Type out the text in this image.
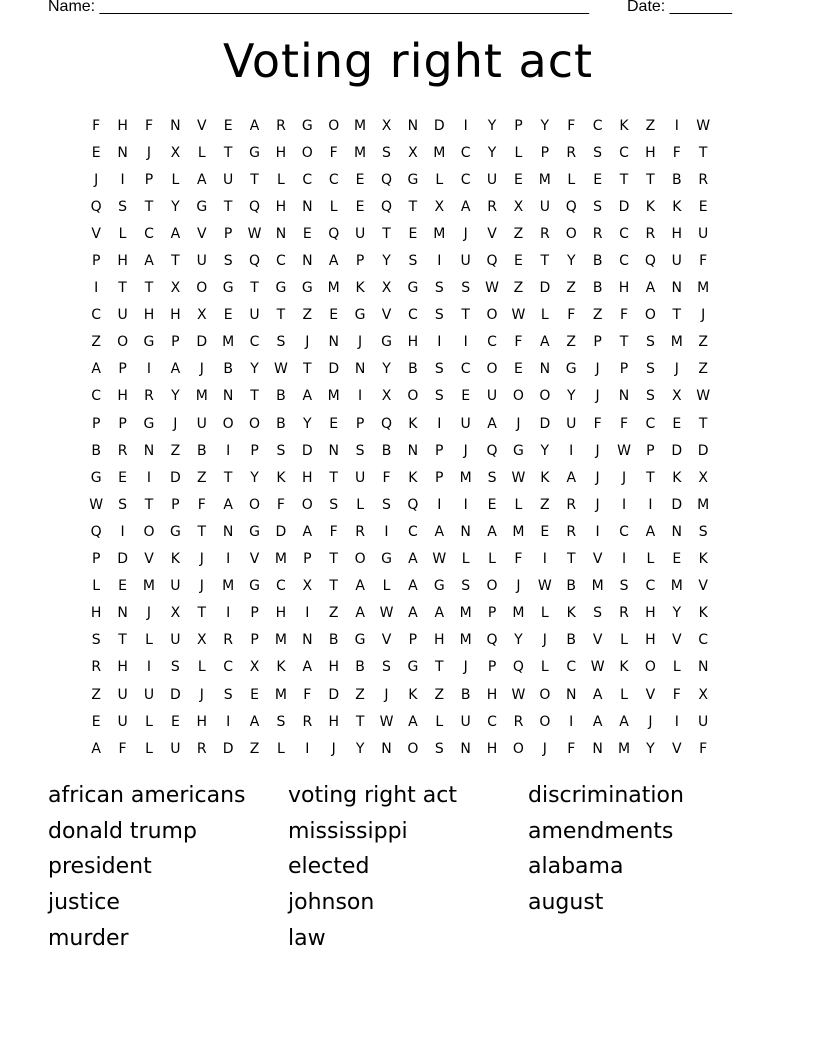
Name: _______________________________________________________ Date: _______
Voting right act
F	H	F	N	V	E	A	R	G	O	M	X	N	D	I	Y	P	Y	F	C	K	Z	I	W
E	N	J	X	L	T	G	H	O	F	M	S	X	M	C	Y	L	P	R	S	C	H	F	T
J	I	P	L	A	U	T	L	C	C	E	Q	G	L	C	U	E	M	L	E	T	T	B	R
Q	S	T	Y	G	T	Q	H	N	L	E	Q	T	X	A	R	X	U	Q	S	D	K	K	E
V	L	C	A	V	P	W	N	E	Q	U	T	E	M	J	V	Z	R	O	R	C	R	H	U
P	H	A	T	U	S	Q	C	N	A	P	Y	S	I	U	Q	E	T	Y	B	C	Q	U	F
I	T	T	X	O	G	T	G	G	M	K	X	G	S	S	W	Z	D	Z	B	H	A	N	M
C	U	H	H	X	E	U	T	Z	E	G	V	C	S	T	O W	L	F	Z	F	O	T	J
Z	O	G	P	D	M	C	S	J	N	J	G	H	I	I	C	F	A	Z	P	T	S	M	Z
A	P	I	A	J	B	Y	W	T	D	N	Y	B	S	C	O	E	N	G	J	P	S	J	Z
C	H	R	Y	M	N	T	B	A	M	I	X	O	S	E	U	O	O	Y	J	N	S	X	W
P	P	G	J	U	O	O	B	Y	E	P	Q	K	I	U	A	J	D	U	F	F	C	E	T
B	R	N	Z	B	I	P	S	D	N	S	B	N	P	J	Q	G	Y	I	J	W	P	D	D
G	E	I	D	Z	T	Y	K	H	T	U	F	K	P	M	S	W	K	A	J	J	T	K	X
W	S	T	P	F	A	O	F	O	S	L	S	Q	I	I	E	L	Z	R	J	I	I	D	M
Q	I	O	G	T	N	G	D	A	F	R	I	C	A	N	A	M	E	R	I	C	A	N	S
P	D	V	K	J	I	V	M	P	T	O	G	A	W	L	L	F	I	T	V	I	L	E	K
L	E	M	U	J	M	G	C	X	T	A	L	A	G	S	O	J	W	B	M	S	C	M	V
H	N	J	X	T	I	P	H	I	Z	A	W	A	A	M	P	M	L	K	S	R	H	Y	K
S	T	L	U	X	R	P	M	N	B	G	V	P	H	M	Q	Y	J	B	V	L	H	V	C
R	H	I	S	L	C	X	K	A	H	B	S	G	T	J	P	Q	L	C	W	K	O	L	N
Z	U	U	D	J	S	E	M	F	D	Z	J	K	Z	B	H	W O	N	A	L	V	F	X
E	U	L	E	H	I	A	S	R	H	T	W	A	L	U	C	R	O	I	A	A	J	I	U
A	F	L	U	R	D	Z	L	I	J	Y	N	O	S	N	H	O	J	F	N	M	Y	V	F
african americans
donald trump
president
justice
murder
voting right act
mississippi
elected
johnson
law
discrimination
amendments
alabama
august
